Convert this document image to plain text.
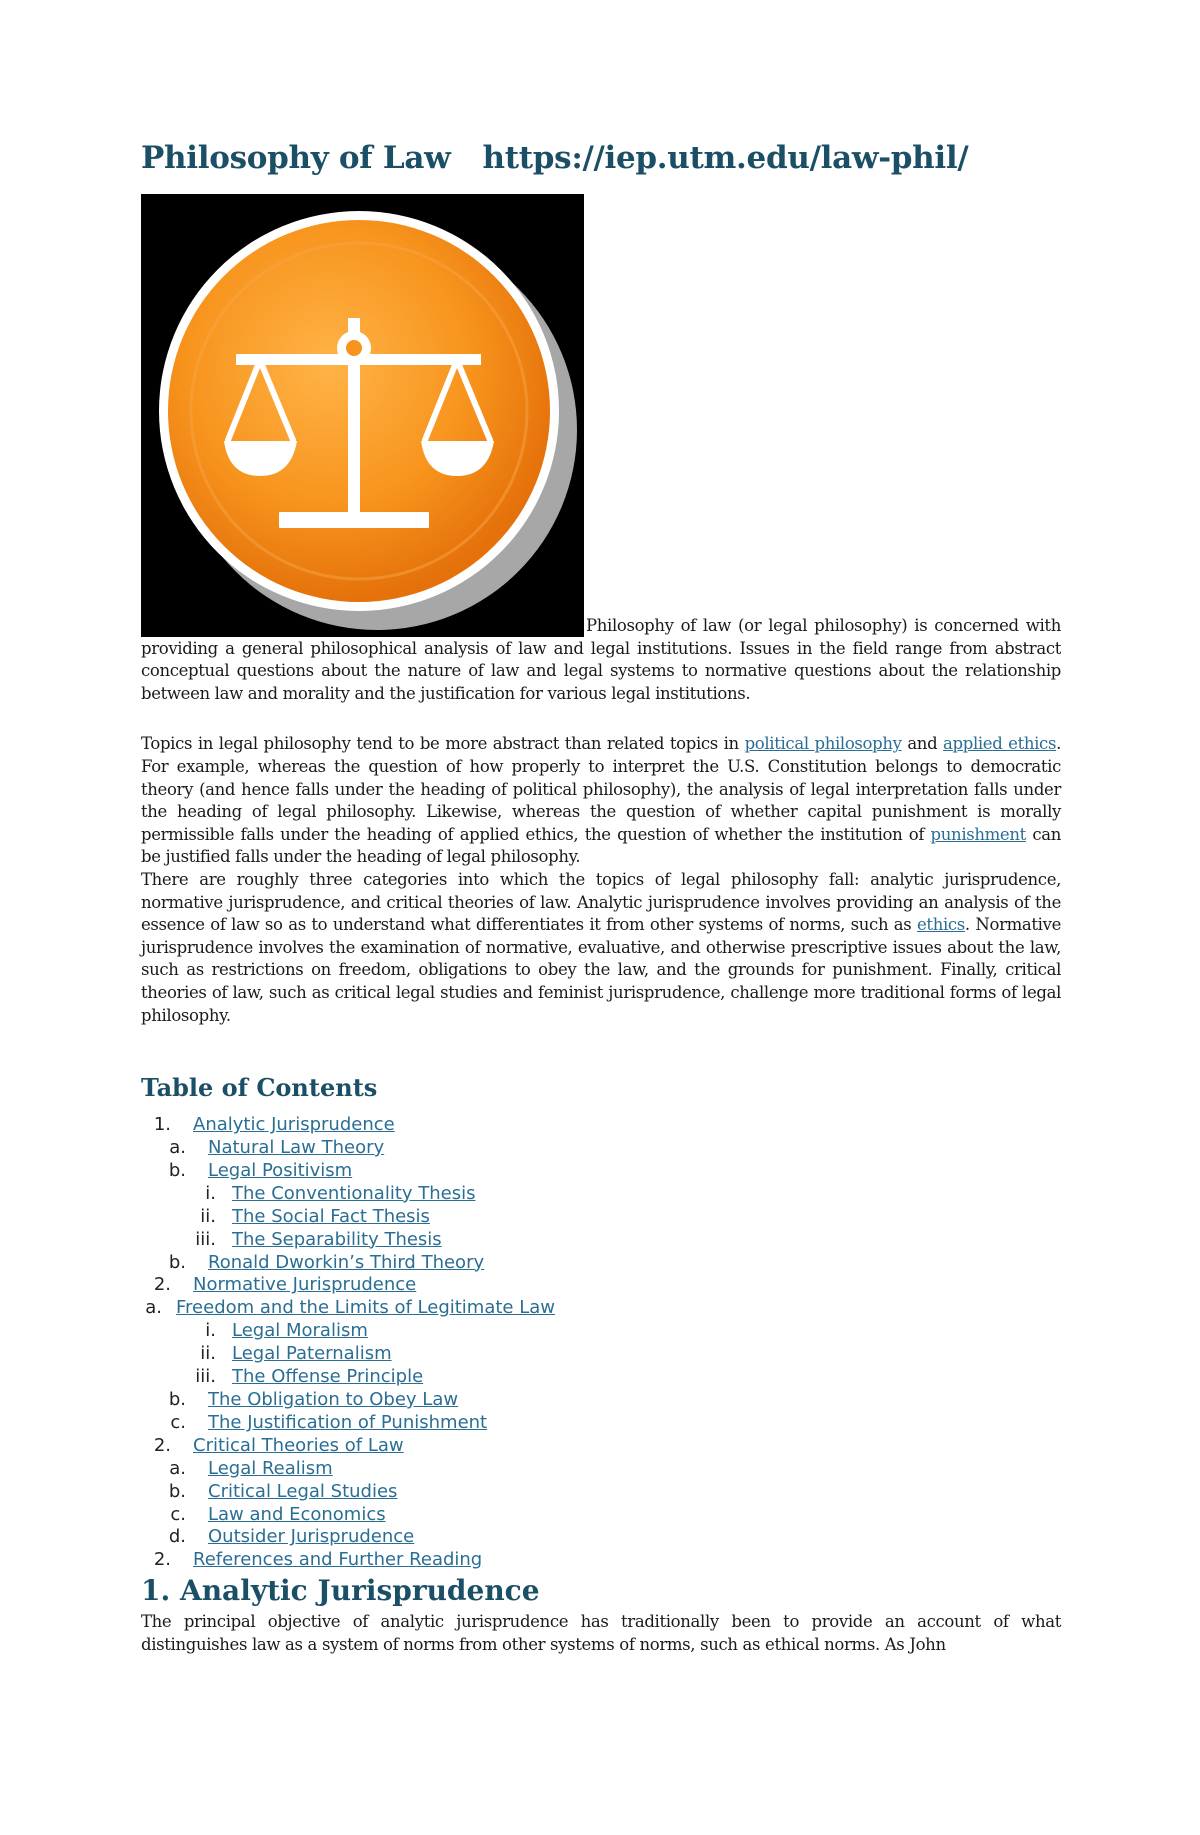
Philosophy of Law https://iep.utm.edu/law-phil/

Philosophy of law (or legal philosophy) is concerned with providing a general philosophical analysis of law and legal institutions. Issues in the field range from abstract conceptual questions about the nature of law and legal systems to normative questions about the relationship between law and morality and the justification for various legal institutions.

Topics in legal philosophy tend to be more abstract than related topics in political philosophy and applied ethics. For example, whereas the question of how properly to interpret the U.S. Constitution belongs to democratic theory (and hence falls under the heading of political philosophy), the analysis of legal interpretation falls under the heading of legal philosophy. Likewise, whereas the question of whether capital punishment is morally permissible falls under the heading of applied ethics, the question of whether the institution of punishment can be justified falls under the heading of legal philosophy.

There are roughly three categories into which the topics of legal philosophy fall: analytic jurisprudence, normative jurisprudence, and critical theories of law. Analytic jurisprudence involves providing an analysis of the essence of law so as to understand what differentiates it from other systems of norms, such as ethics. Normative jurisprudence involves the examination of normative, evaluative, and otherwise prescriptive issues about the law, such as restrictions on freedom, obligations to obey the law, and the grounds for punishment. Finally, critical theories of law, such as critical legal studies and feminist jurisprudence, challenge more traditional forms of legal philosophy.

Table of Contents
1. Analytic Jurisprudence
a. Natural Law Theory
b. Legal Positivism
i. The Conventionality Thesis
ii. The Social Fact Thesis
iii. The Separability Thesis
b. Ronald Dworkin’s Third Theory
2. Normative Jurisprudence
a. Freedom and the Limits of Legitimate Law
i. Legal Moralism
ii. Legal Paternalism
iii. The Offense Principle
b. The Obligation to Obey Law
c. The Justification of Punishment
2. Critical Theories of Law
a. Legal Realism
b. Critical Legal Studies
c. Law and Economics
d. Outsider Jurisprudence
2. References and Further Reading
1. Analytic Jurisprudence

The principal objective of analytic jurisprudence has traditionally been to provide an account of what distinguishes law as a system of norms from other systems of norms, such as ethical norms. As John
